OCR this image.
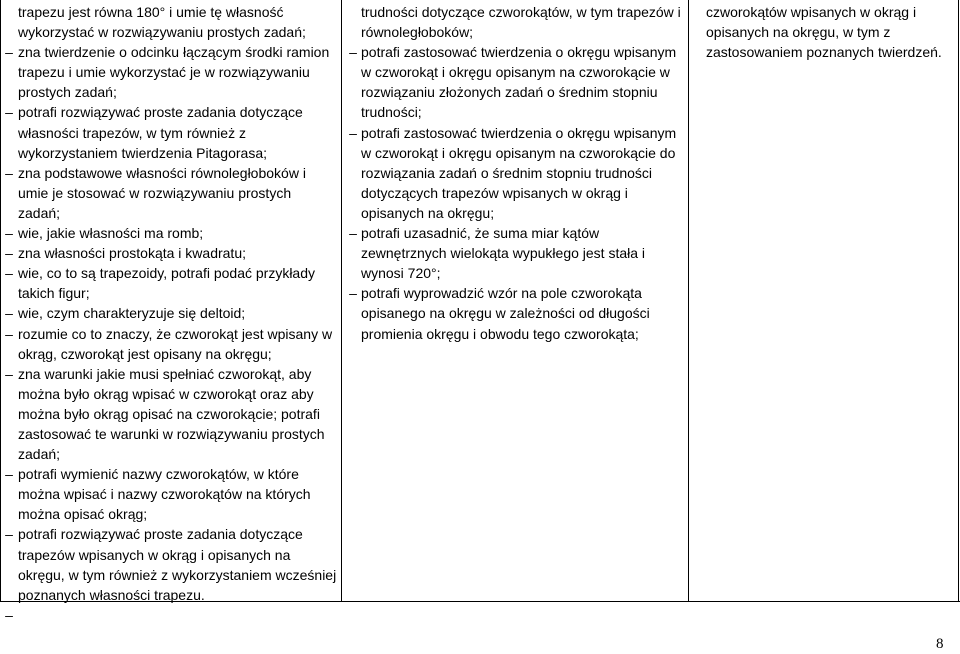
trapezu jest równa 180° i umie tę własność wykorzystać w rozwiązywaniu prostych zadań;
– zna twierdzenie o odcinku łączącym środki ramion trapezu i umie wykorzystać je w rozwiązywaniu prostych zadań;
– potrafi rozwiązywać proste zadania dotyczące własności trapezów, w tym również z wykorzystaniem twierdzenia Pitagorasa;
– zna podstawowe własności równoległoboków i umie je stosować w rozwiązywaniu prostych zadań;
– wie, jakie własności ma romb;
– zna własności prostokąta i kwadratu;
– wie, co to są trapezoidy, potrafi podać przykłady takich figur;
– wie, czym charakteryzuje się deltoid;
– rozumie co to znaczy, że czworokąt jest wpisany w okrąg, czworokąt jest opisany na okręgu;
– zna warunki jakie musi spełniać czworokąt, aby można było okrąg wpisać w czworokąt oraz aby można było okrąg opisać na czworokącie; potrafi zastosować te warunki w rozwiązywaniu prostych zadań;
– potrafi wymienić nazwy czworokątów, w które można wpisać i nazwy czworokątów na których można opisać okrąg;
– potrafi rozwiązywać proste zadania dotyczące trapezów wpisanych w okrąg i opisanych na okręgu, w tym również z wykorzystaniem wcześniej poznanych własności trapezu.
–
trudności dotyczące czworokątów, w tym trapezów i równoległoboków;
– potrafi zastosować twierdzenia o okręgu wpisanym w czworokąt i okręgu opisanym na czworokącie w rozwiązaniu złożonych zadań o średnim stopniu trudności;
– potrafi zastosować twierdzenia o okręgu wpisanym w czworokąt i okręgu opisanym na czworokącie do rozwiązania zadań o średnim stopniu trudności dotyczących trapezów wpisanych w okrąg i opisanych na okręgu;
– potrafi uzasadnić, że suma miar kątów zewnętrznych wielokąta wypukłego jest stała i wynosi 720°;
– potrafi wyprowadzić wzór na pole czworokąta opisanego na okręgu w zależności od długości promienia okręgu i obwodu tego czworokąta;
czworokątów wpisanych w okrąg i opisanych na okręgu, w tym z zastosowaniem poznanych twierdzeń.
8
